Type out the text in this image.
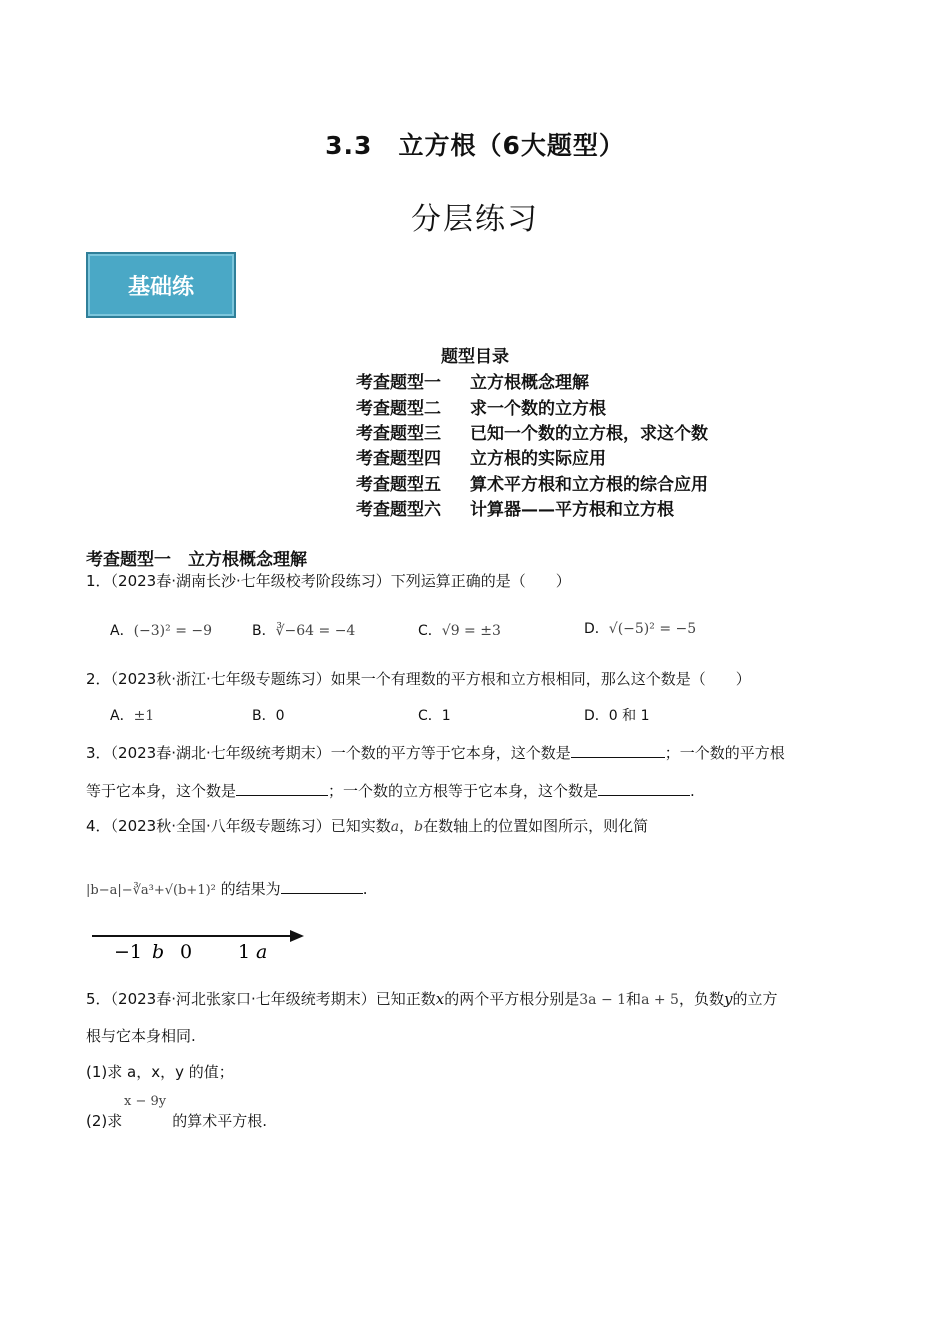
3.3　立方根（6大题型）
分层练习
基础练
题型目录
考查题型一 立方根概念理解
考查题型二 求一个数的立方根
考查题型三 已知一个数的立方根，求这个数
考查题型四 立方根的实际应用
考查题型五 算术平方根和立方根的综合应用
考查题型六 计算器——平方根和立方根
考查题型一　立方根概念理解
1．（2023春·湖南长沙·七年级校考阶段练习）下列运算正确的是（　　）
A．(−3)² = −9	B．∛−64 = −4	C．√9 = ±3	D．√(−5)² = −5
2．（2023秋·浙江·七年级专题练习）如果一个有理数的平方根和立方根相同，那么这个数是（　　）
A．±1	B．0	C．1	D．0 和 1
3．（2023春·湖北·七年级统考期末）一个数的平方等于它本身，这个数是	；一个数的平方根
等于它本身，这个数是	；一个数的立方根等于它本身，这个数是	.
4．（2023秋·全国·八年级专题练习）已知实数a，b在数轴上的位置如图所示，则化简
|b−a|−∛a³+√(b+1)² 的结果为	.
−1 b 0 1 a
5．（2023春·河北张家口·七年级统考期末）已知正数x的两个平方根分别是3a − 1和a + 5，负数y的立方
根与它本身相同.
(1)求 a，x，y 的值；
x − 9y
(2)求	的算术平方根.
